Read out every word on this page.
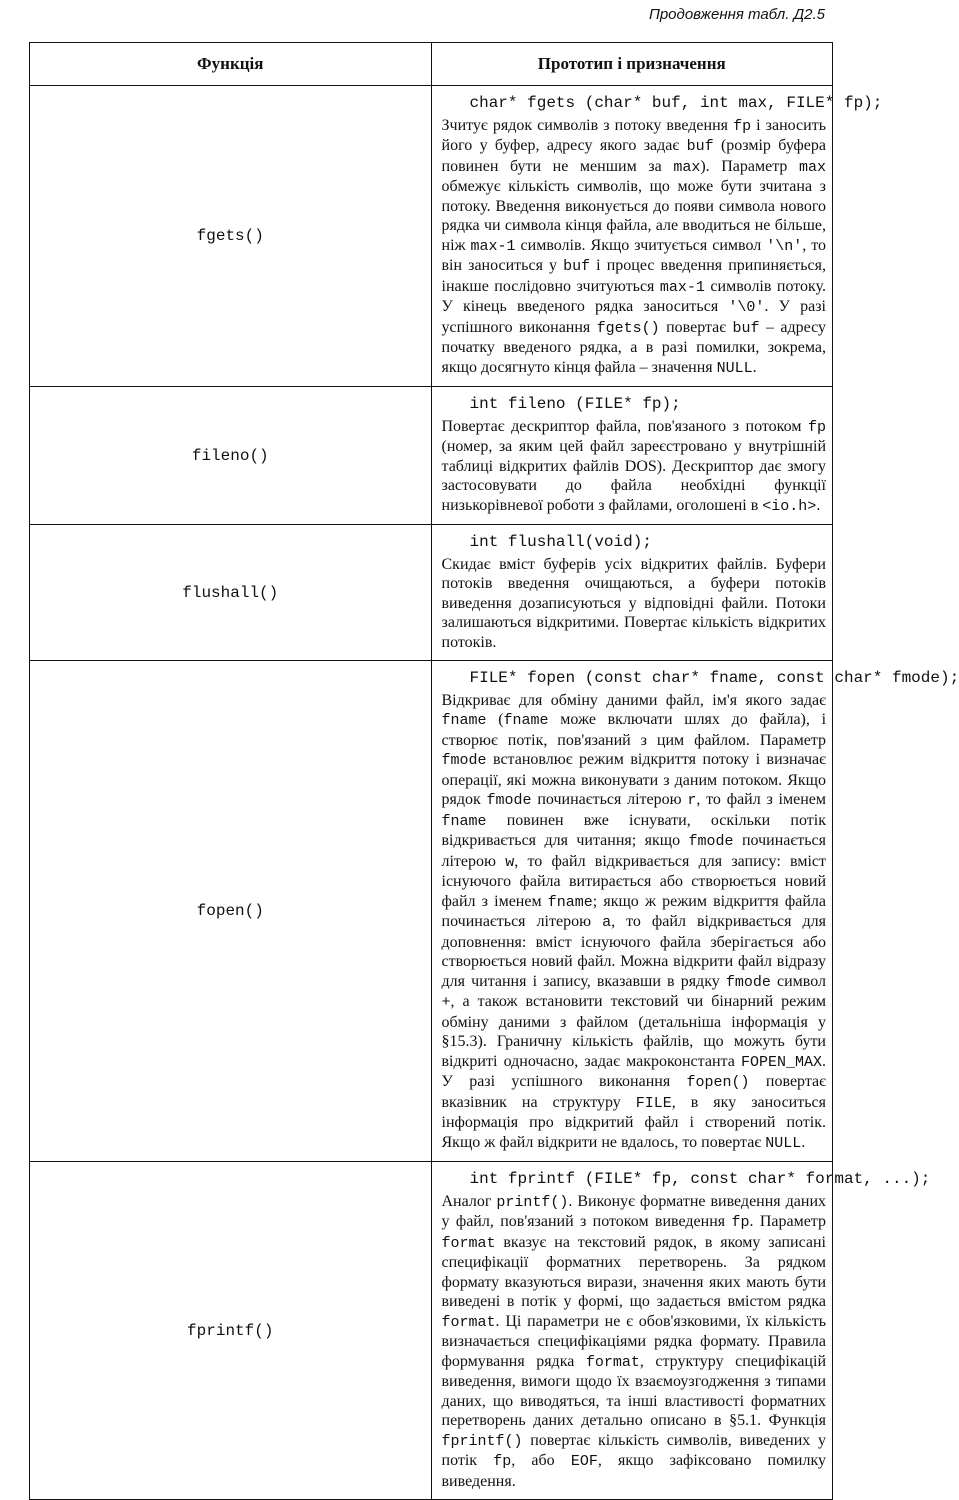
Продовження табл. Д2.5
Функція	Прототип і призначення
fgets()	char* fgets (char* buf, int max, FILE* fp);
Зчитує рядок символів з потоку введення fp і заносить його у буфер, адресу якого задає buf (розмір буфера повинен бути не меншим за max). Параметр max обмежує кількість символів, що може бути зчитана з потоку. Введення виконується до появи символа нового рядка чи символа кінця файла, але вводиться не більше, ніж max-1 символів. Якщо зчитується символ '\n', то він заноситься у buf і процес введення припиняється, інакше послідовно зчитуються max-1 символів потоку. У кінець введеного рядка заноситься '\0'. У разі успішного виконання fgets() повертає buf – адресу початку введеного рядка, а в разі помилки, зокрема, якщо досягнуто кінця файла – значення NULL.

fileno()	int fileno (FILE* fp);
Повертає дескриптор файла, пов'язаного з потоком fp (номер, за яким цей файл зареєстровано у внутрішній таблиці відкритих файлів DOS). Дескриптор дає змогу застосовувати до файла необхідні функції низькорівневої роботи з файлами, оголошені в <io.h>.

flushall()	int flushall(void);
Скидає вміст буферів усіх відкритих файлів. Буфери потоків введення очищаються, а буфери потоків виведення дозаписуються у відповідні файли. Потоки залишаються відкритими. Повертає кількість відкритих потоків.

fopen()	FILE* fopen (const char* fname, const char* fmode);
Відкриває для обміну даними файл, ім'я якого задає fname (fname може включати шлях до файла), і створює потік, пов'язаний з цим файлом. Параметр fmode встановлює режим відкриття потоку і визначає операції, які можна виконувати з даним потоком. Якщо рядок fmode починається літерою r, то файл з іменем fname повинен вже існувати, оскільки потік відкривається для читання; якщо fmode починається літерою w, то файл відкривається для запису: вміст існуючого файла витирається або створюється новий файл з іменем fname; якщо ж режим відкриття файла починається літерою a, то файл відкривається для доповнення: вміст існуючого файла зберігається або створюється новий файл. Можна відкрити файл відразу для читання і запису, вказавши в рядку fmode символ +, а також встановити текстовий чи бінарний режим обміну даними з файлом (детальніша інформація у §15.3). Граничну кількість файлів, що можуть бути відкриті одночасно, задає макроконстанта FOPEN_MAX. У разі успішного виконання fopen() повертає вказівник на структуру FILE, в яку заноситься інформація про відкритий файл і створений потік. Якщо ж файл відкрити не вдалось, то повертає NULL.

fprintf()	int fprintf (FILE* fp, const char* format, ...);
Аналог printf(). Виконує форматне виведення даних у файл, пов'язаний з потоком виведення fp. Параметр format вказує на текстовий рядок, в якому записані специфікації форматних перетворень. За рядком формату вказуються вирази, значення яких мають бути виведені в потік у формі, що задається вмістом рядка format. Ці параметри не є обов'язковими, їх кількість визначається специфікаціями рядка формату. Правила формування рядка format, структуру специфікацій виведення, вимоги щодо їх взаємоузгодження з типами даних, що виводяться, та інші властивості форматних перетворень даних детально описано в §5.1. Функція fprintf() повертає кількість символів, виведених у потік fp, або EOF, якщо зафіксовано помилку виведення.
